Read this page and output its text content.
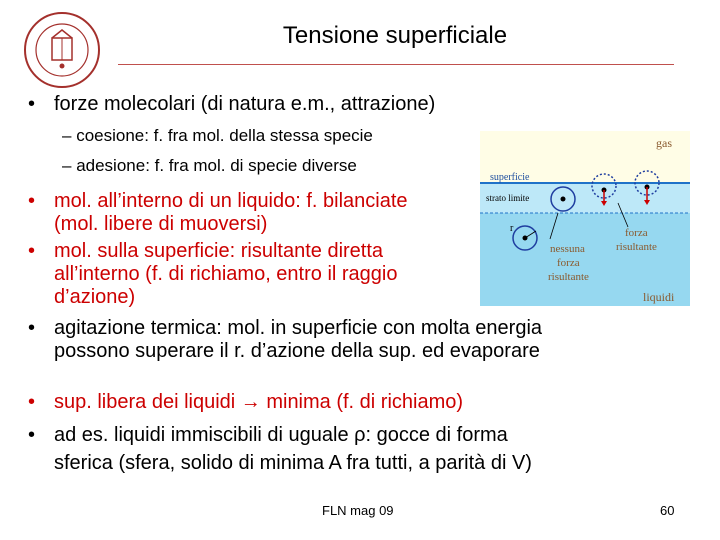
Tensione superficiale
• forze molecolari (di natura e.m., attrazione)
– coesione: f. fra mol. della stessa specie
– adesione: f. fra mol. di specie diverse
• mol. all’interno di un liquido: f. bilanciate
(mol. libere di muoversi)
• mol. sulla superficie: risultante diretta
all’interno (f. di richiamo, entro il raggio
d’azione)
• agitazione termica: mol. in superficie con molta energia
possono superare il r. d’azione della sup. ed evaporare
• sup. libera dei liquidi → minima (f. di richiamo)
• ad es. liquidi immiscibili di uguale ρ: gocce di forma
sferica (sfera, solido di minima A fra tutti, a parità di V)
gas
superficie
strato limite
r	forza
risultante
nessuna
forza
risultante
liquidi
FLN mag 09	60
